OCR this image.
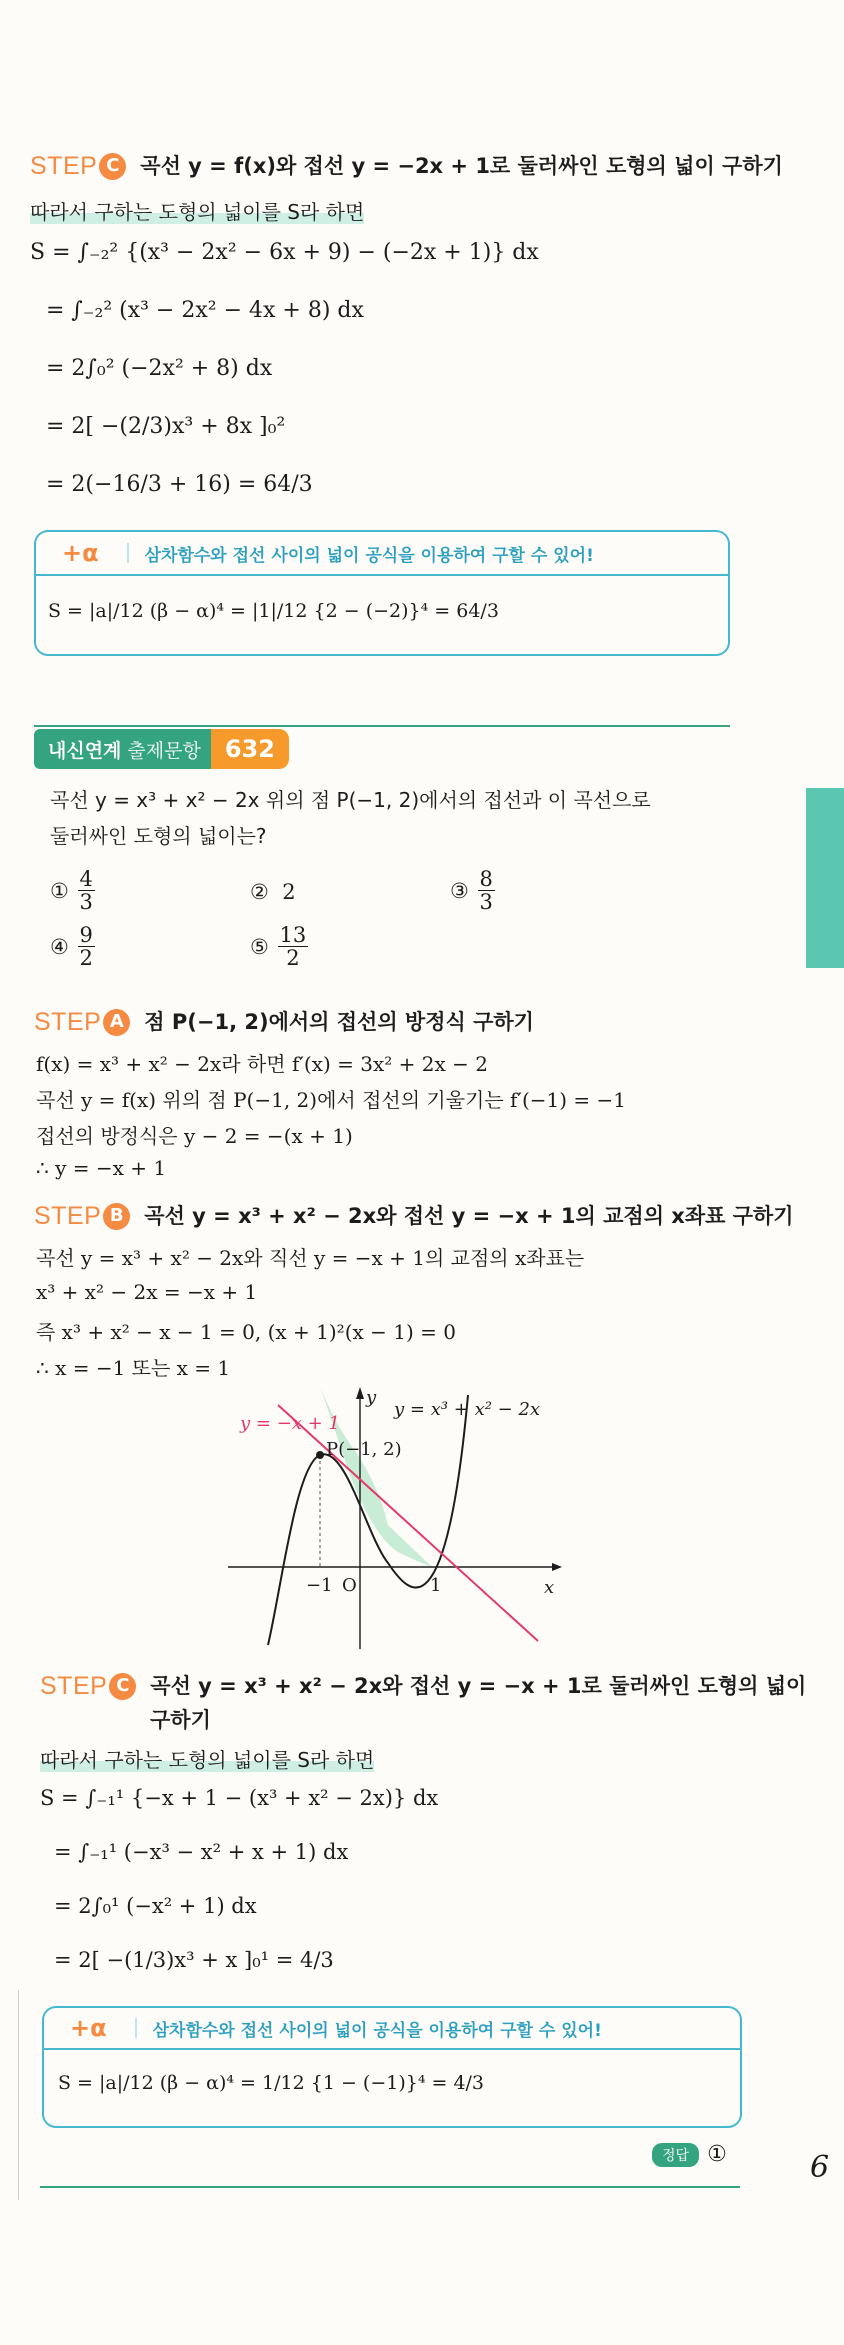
STEP C 곡선 y = f(x)와 접선 y = −2x + 1로 둘러싸인 도형의 넓이 구하기
따라서 구하는 도형의 넓이를 S라 하면
S = ∫₋₂² {(x³ − 2x² − 6x + 9) − (−2x + 1)} dx
= ∫₋₂² (x³ − 2x² − 4x + 8) dx
= 2∫₀² (−2x² + 8) dx
= 2[ −(2/3)x³ + 8x ]₀²
= 2(−16/3 + 16) = 64/3
+α	삼차함수와 접선 사이의 넓이 공식을 이용하여 구할 수 있어!
S = |a|/12 (β − α)⁴ = |1|/12 {2 − (−2)}⁴ = 64/3
내신연계 출제문항	632
곡선 y = x³ + x² − 2x 위의 점 P(−1, 2)에서의 접선과 이 곡선으로
둘러싸인 도형의 넓이는?
①
$\frac{4}{3}$	②
2	③
$\frac{8}{3}$
④
$\frac{9}{2}$	⑤
$\frac{13}{2}$
STEP A 점 P(−1, 2)에서의 접선의 방정식 구하기
f(x) = x³ + x² − 2x라 하면 f′(x) = 3x² + 2x − 2
곡선 y = f(x) 위의 점 P(−1, 2)에서 접선의 기울기는 f′(−1) = −1
접선의 방정식은 y − 2 = −(x + 1)
∴ y = −x + 1
STEP B 곡선 y = x³ + x² − 2x와 접선 y = −x + 1의 교점의 x좌표 구하기
곡선 y = x³ + x² − 2x와 직선 y = −x + 1의 교점의 x좌표는
x³ + x² − 2x = −x + 1
즉 x³ + x² − x − 1 = 0, (x + 1)²(x − 1) = 0
∴ x = −1 또는 x = 1
y = −x + 1
y = x³ + x² − 2x
P(−1, 2)
y
x
−1 O	1
STEP C 곡선 y = x³ + x² − 2x와 접선 y = −x + 1로 둘러싸인 도형의 넓이
구하기
따라서 구하는 도형의 넓이를 S라 하면
S = ∫₋₁¹ {−x + 1 − (x³ + x² − 2x)} dx
= ∫₋₁¹ (−x³ − x² + x + 1) dx
= 2∫₀¹ (−x² + 1) dx
= 2[ −(1/3)x³ + x ]₀¹ = 4/3
+α	삼차함수와 접선 사이의 넓이 공식을 이용하여 구할 수 있어!
S = |a|/12 (β − α)⁴ = 1/12 {1 − (−1)}⁴ = 4/3
정답 ①	6
